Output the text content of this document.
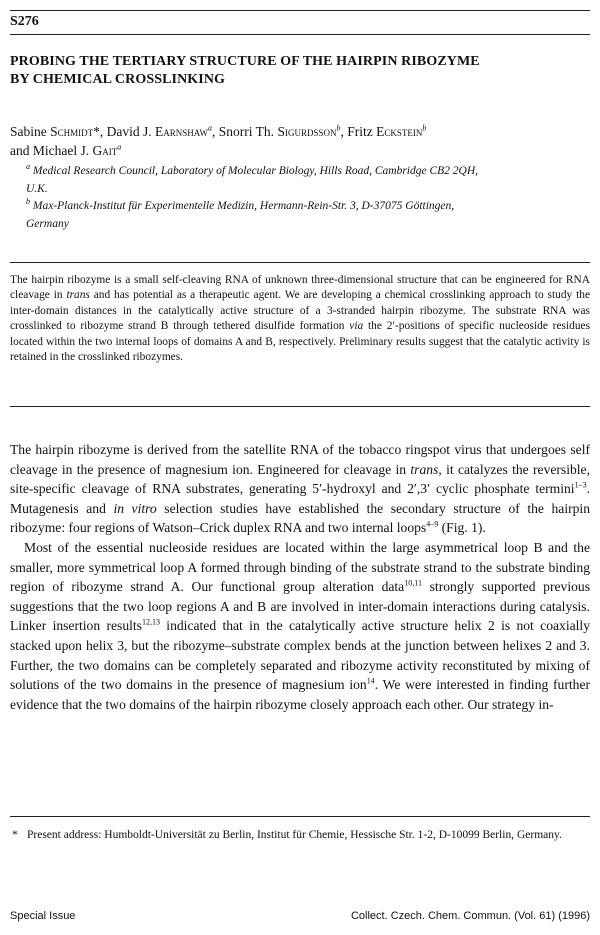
S276
PROBING THE TERTIARY STRUCTURE OF THE HAIRPIN RIBOZYME
BY CHEMICAL CROSSLINKING
Sabine Schmidt*, David J. Earnshaw$^a$, Snorri Th. Sigurdsson$^b$, Fritz Eckstein$^b$
and Michael J. Gait$^a$
$^a$ Medical Research Council, Laboratory of Molecular Biology, Hills Road, Cambridge CB2 2QH,
U.K.
$^b$ Max-Planck-Institut für Experimentelle Medizin, Hermann-Rein-Str. 3, D-37075 Göttingen,
Germany
The hairpin ribozyme is a small self-cleaving RNA of unknown three-dimensional structure that can be engineered for RNA cleavage in trans and has potential as a therapeutic agent. We are developing a chemical crosslinking approach to study the inter-domain distances in the catalytically active structure of a 3-stranded hairpin ribozyme. The substrate RNA was crosslinked to ribozyme strand B through tethered disulfide formation via the 2′-positions of specific nucleoside residues located within the two internal loops of domains A and B, respectively. Preliminary results suggest that the catalytic activity is retained in the crosslinked ribozymes.

The hairpin ribozyme is derived from the satellite RNA of the tobacco ringspot virus that undergoes self cleavage in the presence of magnesium ion. Engineered for cleavage in trans, it catalyzes the reversible, site-specific cleavage of RNA substrates, generating 5′-hydroxyl and 2′,3′ cyclic phosphate termini$^{1-3}$. Mutagenesis and in vitro selection studies have established the secondary structure of the hairpin ribozyme: four regions of Watson–Crick duplex RNA and two internal loops$^{4-9}$ (Fig. 1).

Most of the essential nucleoside residues are located within the large asymmetrical loop B and the smaller, more symmetrical loop A formed through binding of the substrate strand to the substrate binding region of ribozyme strand A. Our functional group alteration data$^{10,11}$ strongly supported previous suggestions that the two loop regions A and B are involved in inter-domain interactions during catalysis. Linker insertion results$^{12,13}$ indicated that in the catalytically active structure helix 2 is not coaxially stacked upon helix 3, but the ribozyme–substrate complex bends at the junction between helixes 2 and 3. Further, the two domains can be completely separated and ribozyme activity reconstituted by mixing of solutions of the two domains in the presence of magnesium ion$^{14}$. We were interested in finding further evidence that the two domains of the hairpin ribozyme closely approach each other. Our strategy in-

* Present address: Humboldt-Universität zu Berlin, Institut für Chemie, Hessische Str. 1-2, D-10099 Berlin, Germany.
Special Issue	Collect. Czech. Chem. Commun. (Vol. 61) (1996)
